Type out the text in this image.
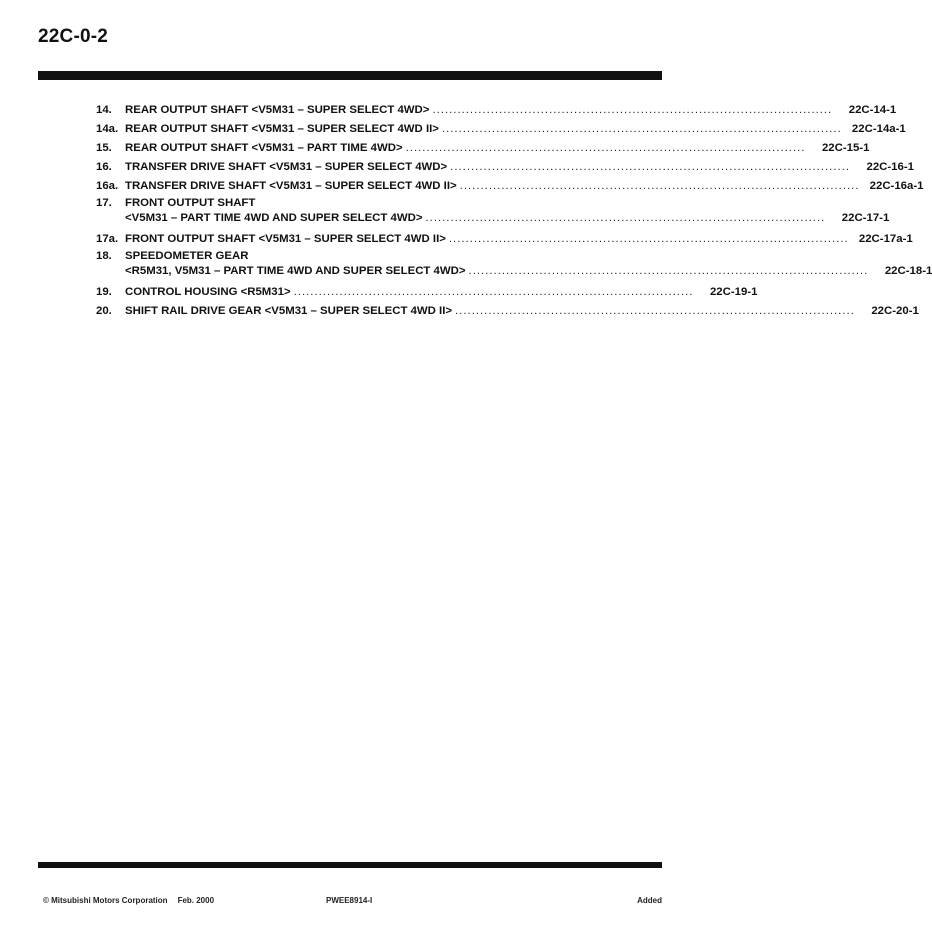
22C-0-2
14.	REAR OUTPUT SHAFT <V5M31 – SUPER SELECT 4WD> ................................................................................................	22C-14-1
14a. REAR OUTPUT SHAFT <V5M31 – SUPER SELECT 4WD II> ................................................................................................ 22C-14a-1
15.	REAR OUTPUT SHAFT <V5M31 – PART TIME 4WD> ................................................................................................	22C-15-1
16.	TRANSFER DRIVE SHAFT <V5M31 – SUPER SELECT 4WD> ................................................................................................	22C-16-1
16a. TRANSFER DRIVE SHAFT <V5M31 – SUPER SELECT 4WD II> ................................................................................................ 22C-16a-1
17.	FRONT OUTPUT SHAFT
<V5M31 – PART TIME 4WD AND SUPER SELECT 4WD> ................................................................................................	22C-17-1
17a. FRONT OUTPUT SHAFT <V5M31 – SUPER SELECT 4WD II> ................................................................................................ 22C-17a-1
18.	SPEEDOMETER GEAR
<R5M31, V5M31 – PART TIME 4WD AND SUPER SELECT 4WD> ................................................................................................	22C-18-1
19.	CONTROL HOUSING <R5M31> ................................................................................................	22C-19-1
20.	SHIFT RAIL DRIVE GEAR <V5M31 – SUPER SELECT 4WD II> ................................................................................................	22C-20-1
© Mitsubishi Motors Corporation Feb. 2000	PWEE8914-I	Added
